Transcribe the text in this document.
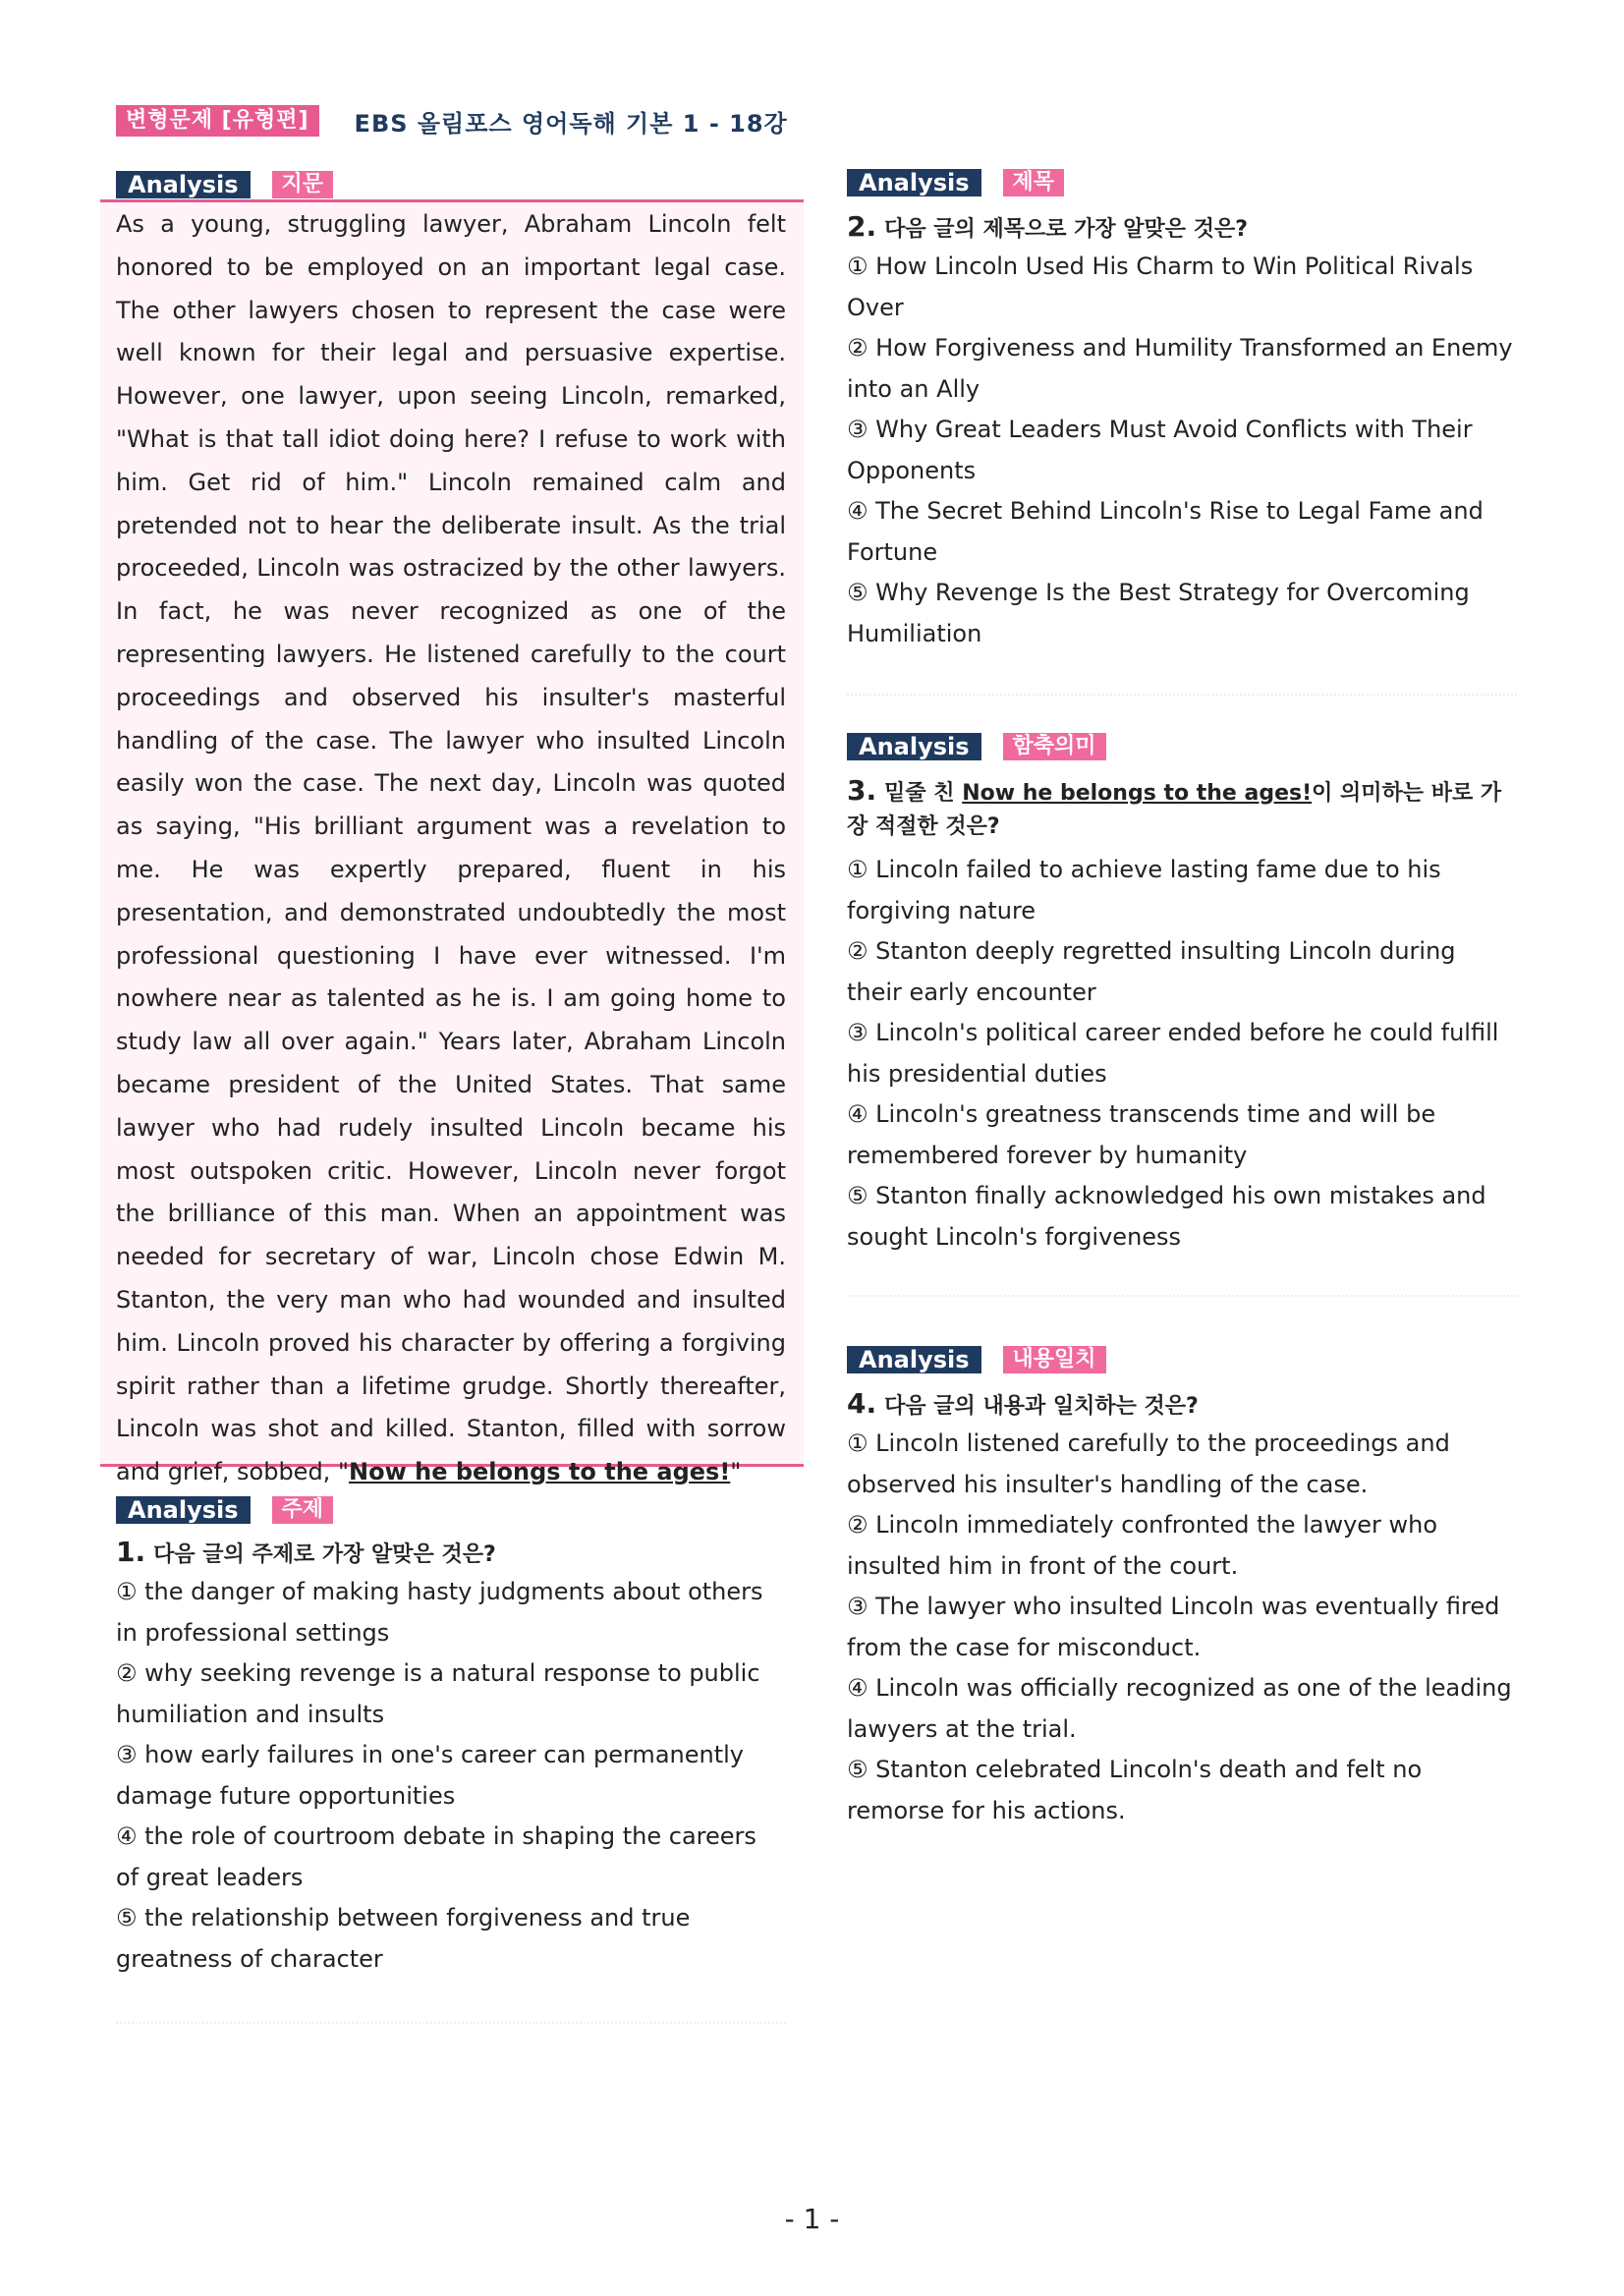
변형문제 [유형편]	EBS 올림포스 영어독해 기본 1 - 18강
Analysis	지문

As a young, struggling lawyer, Abraham Lincoln felt honored to be employed on an important legal case. The other lawyers chosen to represent the case were well known for their legal and persuasive expertise. However, one lawyer, upon seeing Lincoln, remarked, "What is that tall idiot doing here? I refuse to work with him. Get rid of him." Lincoln remained calm and pretended not to hear the deliberate insult. As the trial proceeded, Lincoln was ostracized by the other lawyers. In fact, he was never recognized as one of the representing lawyers. He listened carefully to the court proceedings and observed his insulter's masterful handling of the case. The lawyer who insulted Lincoln easily won the case. The next day, Lincoln was quoted as saying, "His brilliant argument was a revelation to me. He was expertly prepared, fluent in his presentation, and demonstrated undoubtedly the most professional questioning I have ever witnessed. I'm nowhere near as talented as he is. I am going home to study law all over again." Years later, Abraham Lincoln became president of the United States. That same lawyer who had rudely insulted Lincoln became his most outspoken critic. However, Lincoln never forgot the brilliance of this man. When an appointment was needed for secretary of war, Lincoln chose Edwin M. Stanton, the very man who had wounded and insulted him. Lincoln proved his character by offering a forgiving spirit rather than a lifetime grudge. Shortly thereafter, Lincoln was shot and killed. Stanton, filled with sorrow and grief, sobbed, "Now he belongs to the ages!"

Analysis	주제
1. 다음 글의 주제로 가장 알맞은 것은?

① the danger of making hasty judgments about others in professional settings

② why seeking revenge is a natural response to public humiliation and insults

③ how early failures in one's career can permanently damage future opportunities

④ the role of courtroom debate in shaping the careers of great leaders

⑤ the relationship between forgiveness and true greatness of character

Analysis	제목
2. 다음 글의 제목으로 가장 알맞은 것은?

① How Lincoln Used His Charm to Win Political Rivals Over

② How Forgiveness and Humility Transformed an Enemy into an Ally

③ Why Great Leaders Must Avoid Conflicts with Their Opponents

④ The Secret Behind Lincoln's Rise to Legal Fame and Fortune

⑤ Why Revenge Is the Best Strategy for Overcoming Humiliation

Analysis	함축의미
3. 밑줄 친 Now he belongs to the ages!이 의미하는 바로 가장 적절한 것은?

① Lincoln failed to achieve lasting fame due to his forgiving nature

② Stanton deeply regretted insulting Lincoln during their early encounter

③ Lincoln's political career ended before he could fulfill his presidential duties

④ Lincoln's greatness transcends time and will be remembered forever by humanity

⑤ Stanton finally acknowledged his own mistakes and sought Lincoln's forgiveness

Analysis	내용일치
4. 다음 글의 내용과 일치하는 것은?

① Lincoln listened carefully to the proceedings and observed his insulter's handling of the case.

② Lincoln immediately confronted the lawyer who insulted him in front of the court.

③ The lawyer who insulted Lincoln was eventually fired from the case for misconduct.

④ Lincoln was officially recognized as one of the leading lawyers at the trial.

⑤ Stanton celebrated Lincoln's death and felt no remorse for his actions.

- 1 -
